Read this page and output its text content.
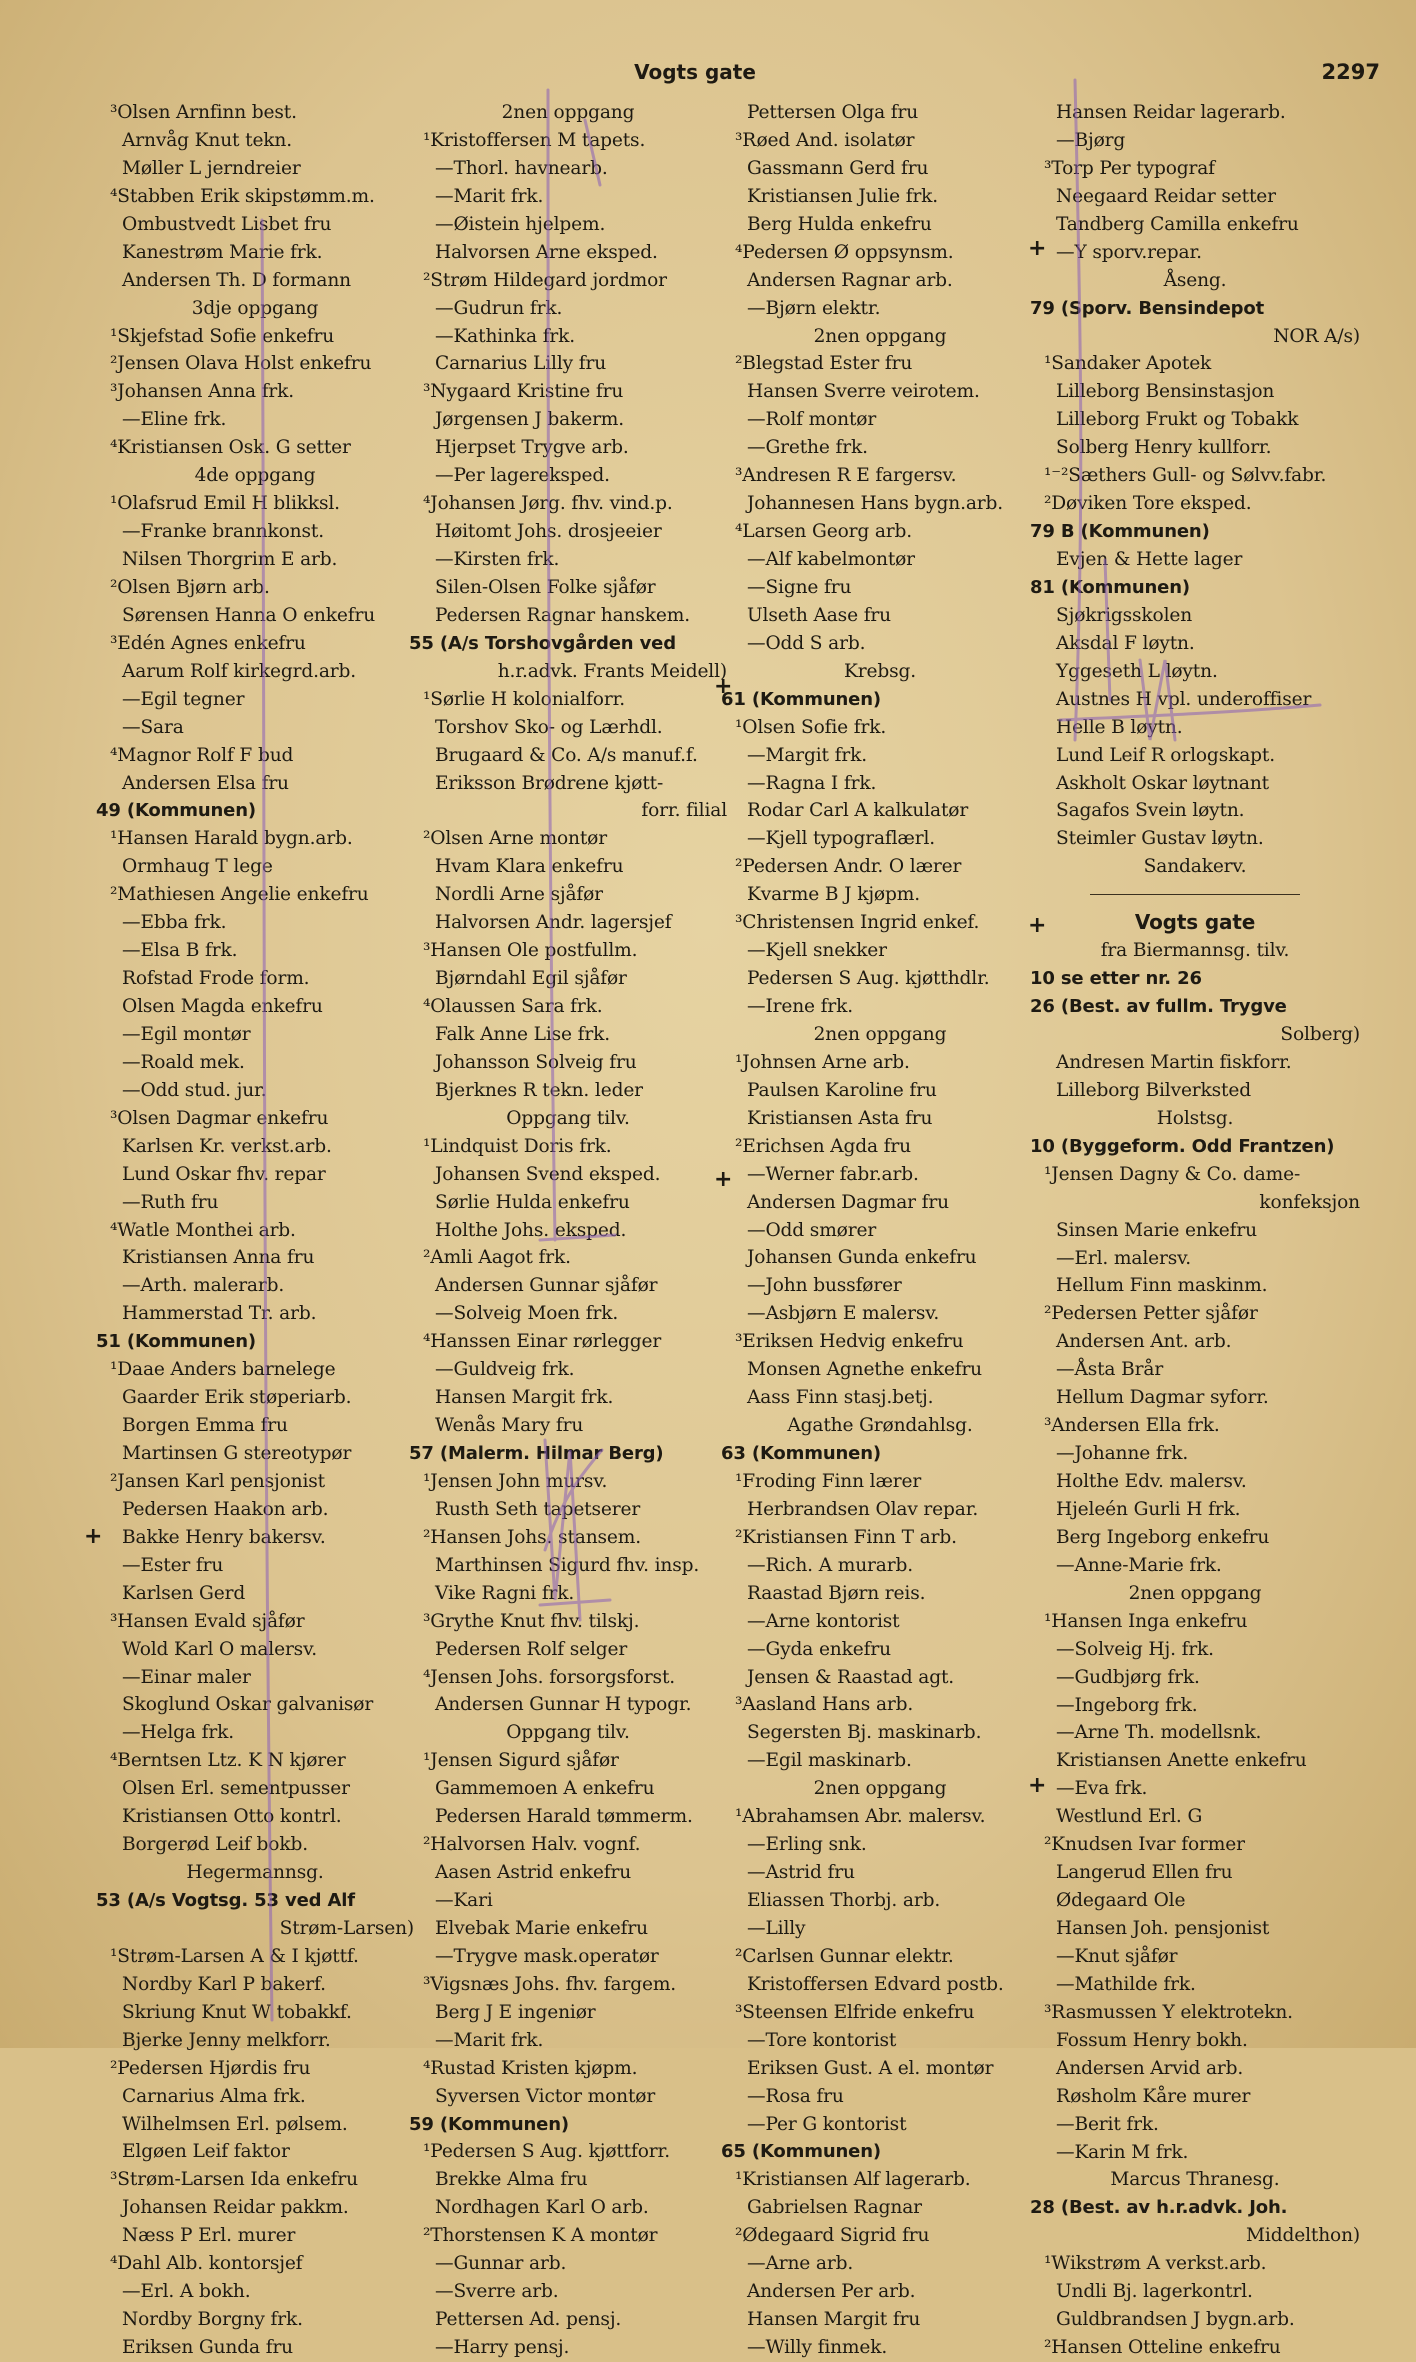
Vogts gate	2297
³Olsen Arnfinn best.
Arnvåg Knut tekn.
Møller L jerndreier
⁴Stabben Erik skipstømm.m.
Ombustvedt Lisbet fru
Kanestrøm Marie frk.
Andersen Th. D formann
3dje oppgang
¹Skjefstad Sofie enkefru
²Jensen Olava Holst enkefru
³Johansen Anna frk.
—Eline frk.
⁴Kristiansen Osk. G setter
4de oppgang
¹Olafsrud Emil H blikksl.
—Franke brannkonst.
Nilsen Thorgrim E arb.
²Olsen Bjørn arb.
Sørensen Hanna O enkefru
³Edén Agnes enkefru
Aarum Rolf kirkegrd.arb.
—Egil tegner
—Sara
⁴Magnor Rolf F bud
Andersen Elsa fru
49 (Kommunen)
¹Hansen Harald bygn.arb.
Ormhaug T lege
²Mathiesen Angelie enkefru
—Ebba frk.
—Elsa B frk.
Rofstad Frode form.
Olsen Magda enkefru
—Egil montør
—Roald mek.
—Odd stud. jur.
³Olsen Dagmar enkefru
Karlsen Kr. verkst.arb.
Lund Oskar fhv. repar
—Ruth fru
⁴Watle Monthei arb.
Kristiansen Anna fru
—Arth. malerarb.
Hammerstad Tr. arb.
51 (Kommunen)
¹Daae Anders barnelege
Gaarder Erik støperiarb.
Borgen Emma fru
Martinsen G stereotypør
²Jansen Karl pensjonist
Pedersen Haakon arb.
Bakke Henry bakersv.
—Ester fru
Karlsen Gerd
³Hansen Evald sjåfør
Wold Karl O malersv.
—Einar maler
Skoglund Oskar galvanisør
—Helga frk.
⁴Berntsen Ltz. K N kjører
Olsen Erl. sementpusser
Kristiansen Otto kontrl.
Borgerød Leif bokb.
Hegermannsg.
53 (A/s Vogtsg. 53 ved Alf
Strøm-Larsen)
¹Strøm-Larsen A & I kjøttf.
Nordby Karl P bakerf.
Skriung Knut W tobakkf.
Bjerke Jenny melkforr.
²Pedersen Hjørdis fru
Carnarius Alma frk.
Wilhelmsen Erl. pølsem.
Elgøen Leif faktor
³Strøm-Larsen Ida enkefru
Johansen Reidar pakkm.
Næss P Erl. murer
⁴Dahl Alb. kontorsjef
—Erl. A bokh.
Nordby Borgny frk.
Eriksen Gunda fru
2nen oppgang
¹Kristoffersen M tapets.
—Thorl. havnearb.
—Marit frk.
—Øistein hjelpem.
Halvorsen Arne eksped.
²Strøm Hildegard jordmor
—Gudrun frk.
—Kathinka frk.
Carnarius Lilly fru
³Nygaard Kristine fru
Jørgensen J bakerm.
Hjerpset Trygve arb.
—Per lagereksped.
⁴Johansen Jørg. fhv. vind.p.
Høitomt Johs. drosjeeier
—Kirsten frk.
Silen-Olsen Folke sjåfør
Pedersen Ragnar hanskem.
55 (A/s Torshovgården ved
h.r.advk. Frants Meidell)
¹Sørlie H kolonialforr.
Torshov Sko- og Lærhdl.
Brugaard & Co. A/s manuf.f.
Eriksson Brødrene kjøtt-
forr. filial
²Olsen Arne montør
Hvam Klara enkefru
Nordli Arne sjåfør
Halvorsen Andr. lagersjef
³Hansen Ole postfullm.
Bjørndahl Egil sjåfør
⁴Olaussen Sara frk.
Falk Anne Lise frk.
Johansson Solveig fru
Bjerknes R tekn. leder
Oppgang tilv.
¹Lindquist Doris frk.
Johansen Svend eksped.
Sørlie Hulda enkefru
Holthe Johs. eksped.
²Amli Aagot frk.
Andersen Gunnar sjåfør
—Solveig Moen frk.
⁴Hanssen Einar rørlegger
—Guldveig frk.
Hansen Margit frk.
Wenås Mary fru
57 (Malerm. Hilmar Berg)
¹Jensen John mursv.
Rusth Seth tapetserer
²Hansen Johs. stansem.
Marthinsen Sigurd fhv. insp.
Vike Ragni frk.
³Grythe Knut fhv. tilskj.
Pedersen Rolf selger
⁴Jensen Johs. forsorgsforst.
Andersen Gunnar H typogr.
Oppgang tilv.
¹Jensen Sigurd sjåfør
Gammemoen A enkefru
Pedersen Harald tømmerm.
²Halvorsen Halv. vognf.
Aasen Astrid enkefru
—Kari
Elvebak Marie enkefru
—Trygve mask.operatør
³Vigsnæs Johs. fhv. fargem.
Berg J E ingeniør
—Marit frk.
⁴Rustad Kristen kjøpm.
Syversen Victor montør
59 (Kommunen)
¹Pedersen S Aug. kjøttforr.
Brekke Alma fru
Nordhagen Karl O arb.
²Thorstensen K A montør
—Gunnar arb.
—Sverre arb.
Pettersen Ad. pensj.
—Harry pensj.
Pettersen Olga fru
³Røed And. isolatør
Gassmann Gerd fru
Kristiansen Julie frk.
Berg Hulda enkefru
⁴Pedersen Ø oppsynsm.
Andersen Ragnar arb.
—Bjørn elektr.
2nen oppgang
²Blegstad Ester fru
Hansen Sverre veirotem.
—Rolf montør
—Grethe frk.
³Andresen R E fargersv.
Johannesen Hans bygn.arb.
⁴Larsen Georg arb.
—Alf kabelmontør
—Signe fru
Ulseth Aase fru
—Odd S arb.
Krebsg.
61 (Kommunen)
¹Olsen Sofie frk.
—Margit frk.
—Ragna I frk.
Rodar Carl A kalkulatør
—Kjell typograflærl.
²Pedersen Andr. O lærer
Kvarme B J kjøpm.
³Christensen Ingrid enkef.
—Kjell snekker
Pedersen S Aug. kjøtthdlr.
—Irene frk.
2nen oppgang
¹Johnsen Arne arb.
Paulsen Karoline fru
Kristiansen Asta fru
²Erichsen Agda fru
—Werner fabr.arb.
Andersen Dagmar fru
—Odd smører
Johansen Gunda enkefru
—John bussfører
—Asbjørn E malersv.
³Eriksen Hedvig enkefru
Monsen Agnethe enkefru
Aass Finn stasj.betj.
Agathe Grøndahlsg.
63 (Kommunen)
¹Froding Finn lærer
Herbrandsen Olav repar.
²Kristiansen Finn T arb.
—Rich. A murarb.
Raastad Bjørn reis.
—Arne kontorist
—Gyda enkefru
Jensen & Raastad agt.
³Aasland Hans arb.
Segersten Bj. maskinarb.
—Egil maskinarb.
2nen oppgang
¹Abrahamsen Abr. malersv.
—Erling snk.
—Astrid fru
Eliassen Thorbj. arb.
—Lilly
²Carlsen Gunnar elektr.
Kristoffersen Edvard postb.
³Steensen Elfride enkefru
—Tore kontorist
Eriksen Gust. A el. montør
—Rosa fru
—Per G kontorist
65 (Kommunen)
¹Kristiansen Alf lagerarb.
Gabrielsen Ragnar
²Ødegaard Sigrid fru
—Arne arb.
Andersen Per arb.
Hansen Margit fru
—Willy finmek.
Hansen Reidar lagerarb.
—Bjørg
³Torp Per typograf
Neegaard Reidar setter
Tandberg Camilla enkefru
—Y sporv.repar.
Åseng.
79 (Sporv. Bensindepot
NOR A/s)
¹Sandaker Apotek
Lilleborg Bensinstasjon
Lilleborg Frukt og Tobakk
Solberg Henry kullforr.
¹⁻²Sæthers Gull- og Sølvv.fabr.
²Døviken Tore eksped.
79 B (Kommunen)
Evjen & Hette lager
81 (Kommunen)
Sjøkrigsskolen
Aksdal F løytn.
Yggeseth L løytn.
Austnes H vpl. underoffiser
Helle B løytn.
Lund Leif R orlogskapt.
Askholt Oskar løytnant
Sagafos Svein løytn.
Steimler Gustav løytn.
Sandakerv.
Vogts gate
fra Biermannsg. tilv.
10 se etter nr. 26
26 (Best. av fullm. Trygve
Solberg)
Andresen Martin fiskforr.
Lilleborg Bilverksted
Holstsg.
10 (Byggeform. Odd Frantzen)
¹Jensen Dagny & Co. dame-
konfeksjon
Sinsen Marie enkefru
—Erl. malersv.
Hellum Finn maskinm.
²Pedersen Petter sjåfør
Andersen Ant. arb.
—Åsta Brår
Hellum Dagmar syforr.
³Andersen Ella frk.
—Johanne frk.
Holthe Edv. malersv.
Hjeleén Gurli H frk.
Berg Ingeborg enkefru
—Anne-Marie frk.
2nen oppgang
¹Hansen Inga enkefru
—Solveig Hj. frk.
—Gudbjørg frk.
—Ingeborg frk.
—Arne Th. modellsnk.
Kristiansen Anette enkefru
—Eva frk.
Westlund Erl. G
²Knudsen Ivar former
Langerud Ellen fru
Ødegaard Ole
Hansen Joh. pensjonist
—Knut sjåfør
—Mathilde frk.
³Rasmussen Y elektrotekn.
Fossum Henry bokh.
Andersen Arvid arb.
Røsholm Kåre murer
—Berit frk.
—Karin M frk.
Marcus Thranesg.
28 (Best. av h.r.advk. Joh.
Middelthon)
¹Wikstrøm A verkst.arb.
Undli Bj. lagerkontrl.
Guldbrandsen J bygn.arb.
²Hansen Otteline enkefru
+
+
+
+
+
+
